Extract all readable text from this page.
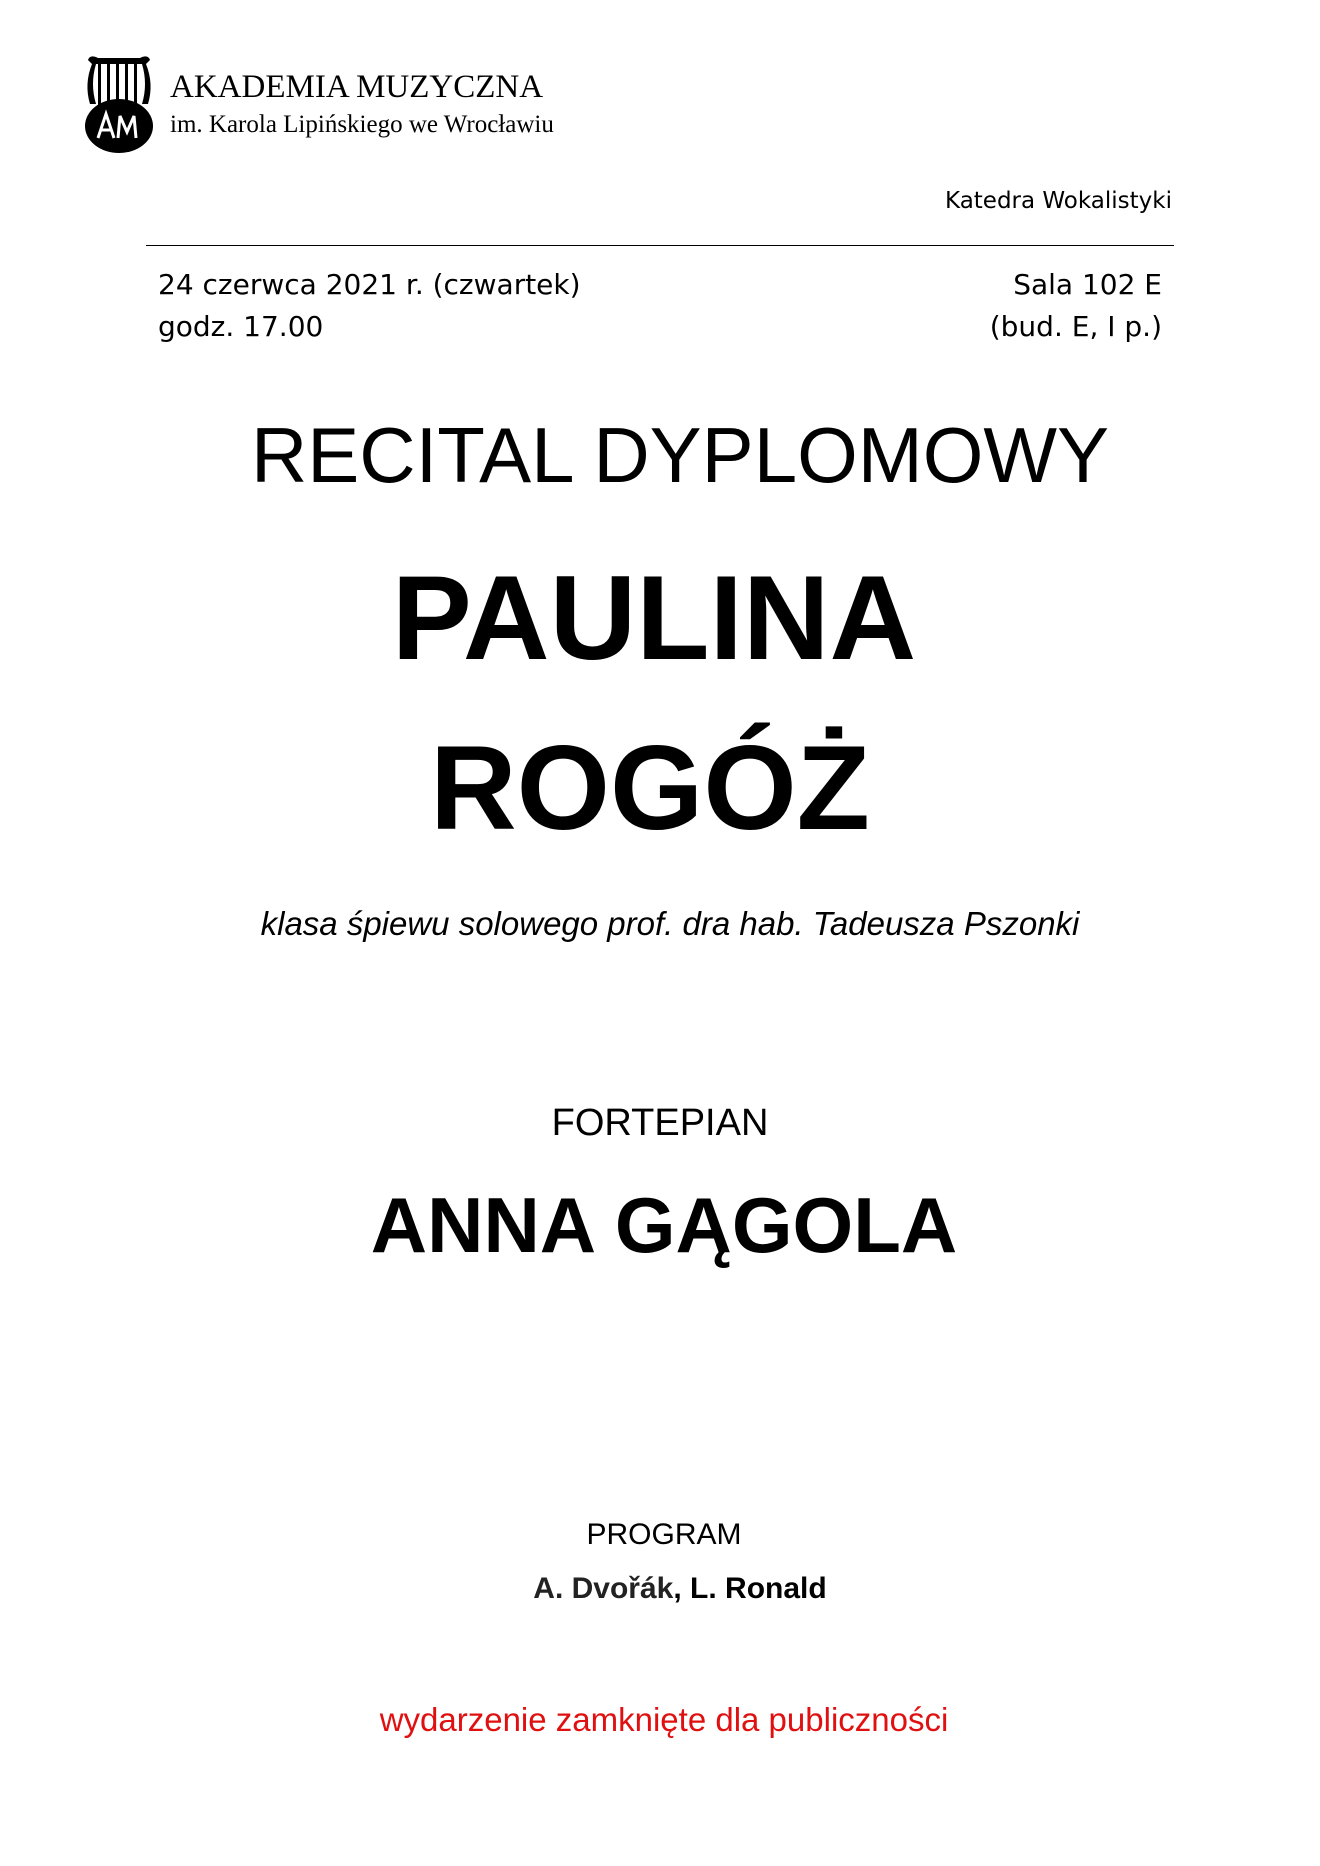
AKADEMIA MUZYCZNA
im. Karola Lipińskiego we Wrocławiu
Katedra Wokalistyki
24 czerwca 2021 r. (czwartek)
godz. 17.00
Sala 102 E
(bud. E, I p.)
RECITAL DYPLOMOWY
PAULINA
ROGÓŻ
klasa śpiewu solowego prof. dra hab. Tadeusza Pszonki
FORTEPIAN
ANNA GĄGOLA
PROGRAM
A. Dvořák, L. Ronald
wydarzenie zamknięte dla publiczności
